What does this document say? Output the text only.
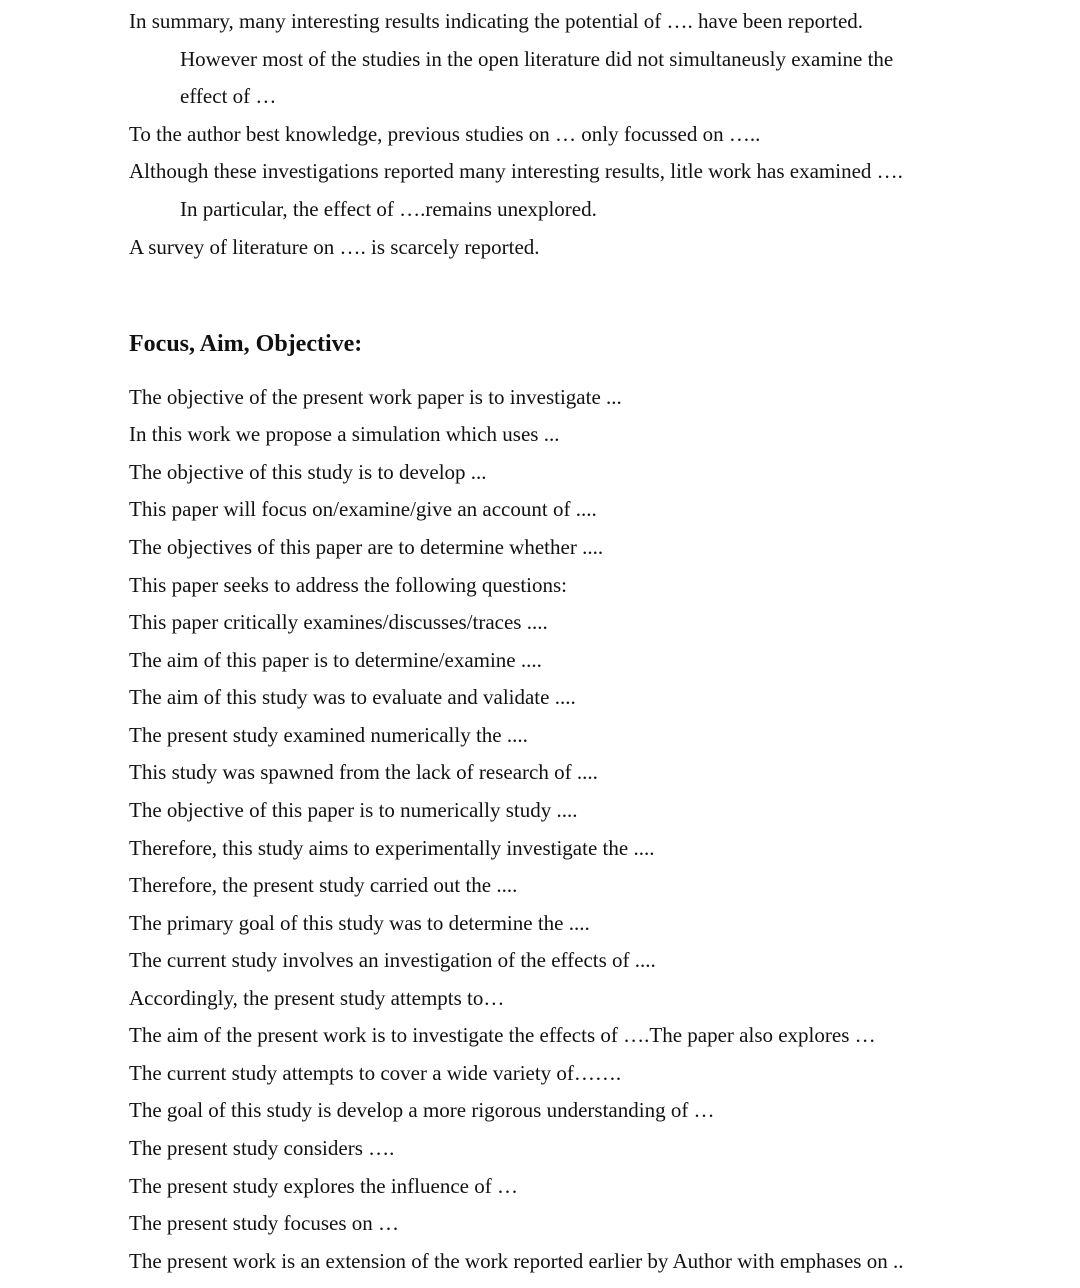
In summary, many interesting results indicating the potential of …. have been reported.
However most of the studies in the open literature did not simultaneusly examine the
effect of …
To the author best knowledge, previous studies on … only focussed on …..
Although these investigations reported many interesting results, litle work has examined ….
In particular, the effect of ….remains unexplored.
A survey of literature on …. is scarcely reported.
Focus, Aim, Objective:
The objective of the present work paper is to investigate ...
In this work we propose a simulation which uses ...
The objective of this study is to develop ...
This paper will focus on/examine/give an account of ....
The objectives of this paper are to determine whether ....
This paper seeks to address the following questions:
This paper critically examines/discusses/traces ....
The aim of this paper is to determine/examine ....
The aim of this study was to evaluate and validate ....
The present study examined numerically the ....
This study was spawned from the lack of research of ....
The objective of this paper is to numerically study ....
Therefore, this study aims to experimentally investigate the ....
Therefore, the present study carried out the ....
The primary goal of this study was to determine the ....
The current study involves an investigation of the effects of ....
Accordingly, the present study attempts to…
The aim of the present work is to investigate the effects of ….The paper also explores …
The current study attempts to cover a wide variety of…….
The goal of this study is develop a more rigorous understanding of …
The present study considers ….
The present study explores the influence of …
The present study focuses on …
The present work is an extension of the work reported earlier by Author with emphases on ..
